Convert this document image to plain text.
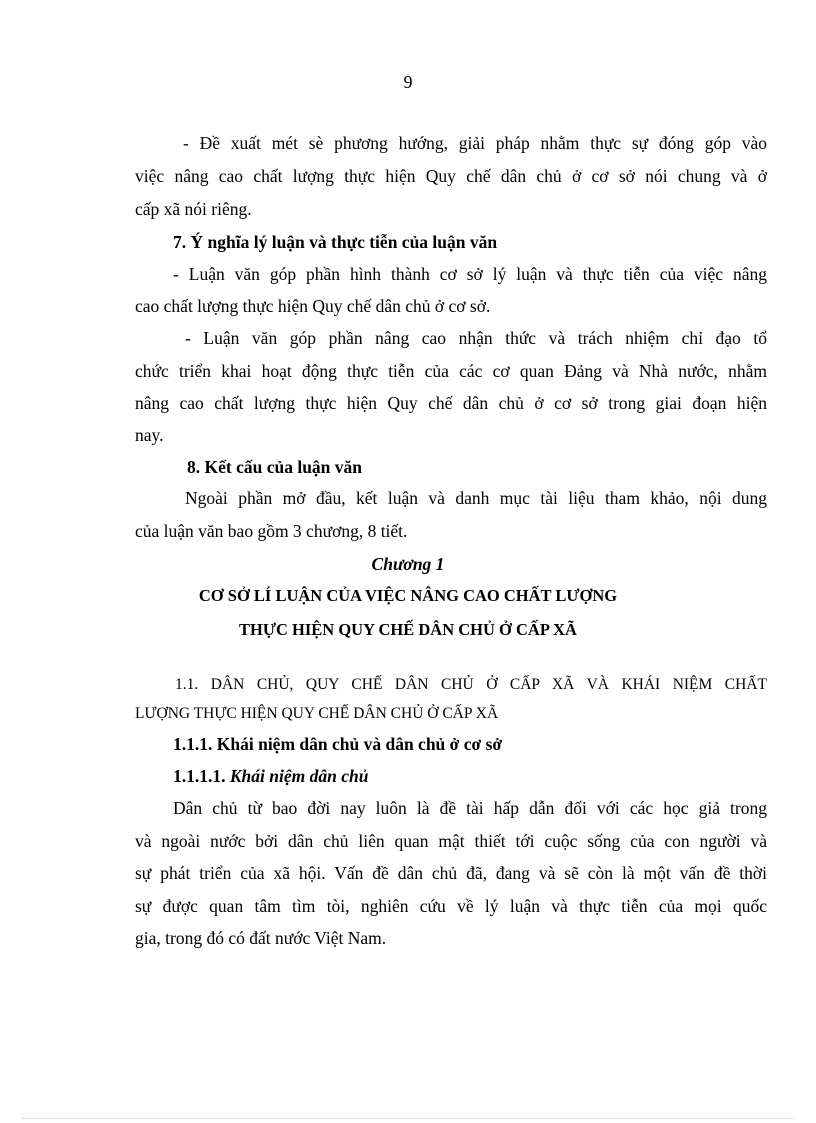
9
- Đề xuất mét sè phương hướng, giải pháp nhằm thực sự đóng góp vào
việc nâng cao chất lượng thực hiện Quy chế dân chủ ở cơ sở nói chung và ở
cấp xã nói riêng.
7. Ý nghĩa lý luận và thực tiễn của luận văn
- Luận văn góp phần hình thành cơ sở lý luận và thực tiễn của việc nâng
cao chất lượng thực hiện Quy chế dân chủ ở cơ sở.
- Luận văn góp phần nâng cao nhận thức và trách nhiệm chỉ đạo tổ
chức triển khai hoạt động thực tiễn của các cơ quan Đảng và Nhà nước, nhằm
nâng cao chất lượng thực hiện Quy chế dân chủ ở cơ sở trong giai đoạn hiện
nay.
8. Kết cấu của luận văn
Ngoài phần mở đầu, kết luận và danh mục tài liệu tham khảo, nội dung
của luận văn bao gồm 3 chương, 8 tiết.
Chương 1
CƠ SỞ LÍ LUẬN CỦA VIỆC NÂNG CAO CHẤT LƯỢNG
THỰC HIỆN QUY CHẾ DÂN CHỦ Ở CẤP XÃ
1.1. DÂN CHỦ, QUY CHẾ DÂN CHỦ Ở CẤP XÃ VÀ KHÁI NIỆM CHẤT
LƯỢNG THỰC HIỆN QUY CHẾ DÂN CHỦ Ở CẤP XÃ
1.1.1. Khái niệm dân chủ và dân chủ ở cơ sở
1.1.1.1. Khái niệm dân chủ
Dân chủ từ bao đời nay luôn là đề tài hấp dẫn đối với các học giả trong
và ngoài nước bởi dân chủ liên quan mật thiết tới cuộc sống của con người và
sự phát triển của xã hội. Vấn đề dân chủ đã, đang và sẽ còn là một vấn đề thời
sự được quan tâm tìm tòi, nghiên cứu về lý luận và thực tiễn của mọi quốc
gia, trong đó có đất nước Việt Nam.
